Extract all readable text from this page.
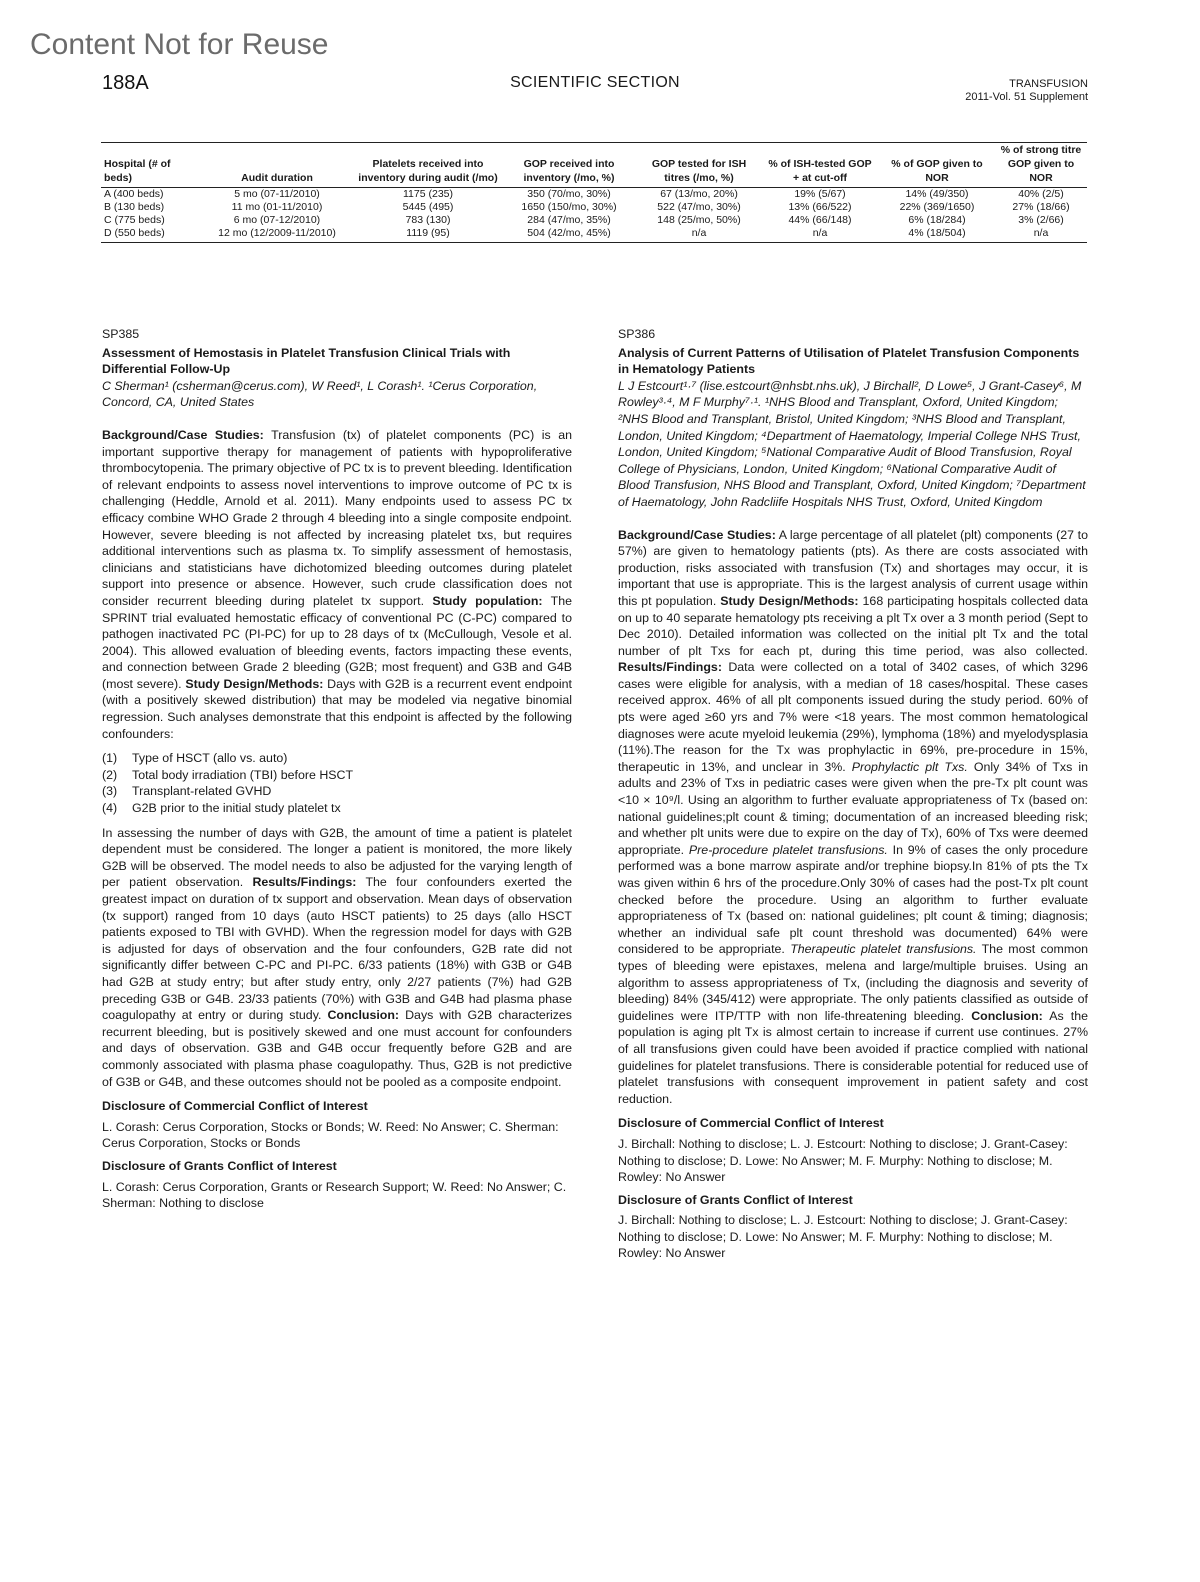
Content Not for Reuse
188A	SCIENTIFIC SECTION	TRANSFUSION
2011-Vol. 51 Supplement
Hospital (# of beds)	Audit duration	Platelets received into inventory during audit (/mo)	GOP received into inventory (/mo, %)	GOP tested for ISH titres (/mo, %)	% of ISH-tested GOP + at cut-off	% of GOP given to NOR	% of strong titre GOP given to NOR
A (400 beds)	5 mo (07-11/2010)	1175 (235)	350 (70/mo, 30%)	67 (13/mo, 20%)	19% (5/67)	14% (49/350)	40% (2/5)
B (130 beds)	11 mo (01-11/2010)	5445 (495)	1650 (150/mo, 30%)	522 (47/mo, 30%)	13% (66/522)	22% (369/1650)	27% (18/66)
C (775 beds)	6 mo (07-12/2010)	783 (130)	284 (47/mo, 35%)	148 (25/mo, 50%)	44% (66/148)	6% (18/284)	3% (2/66)
D (550 beds)	12 mo (12/2009-11/2010)	1119 (95)	504 (42/mo, 45%)	n/a	n/a	4% (18/504)	n/a

SP385

Assessment of Hemostasis in Platelet Transfusion Clinical Trials with Differential Follow-Up

C Sherman¹ (csherman@cerus.com), W Reed¹, L Corash¹. ¹Cerus Corporation, Concord, CA, United States

Background/Case Studies: Transfusion (tx) of platelet components (PC) is an important supportive therapy for management of patients with hypoproliferative thrombocytopenia. The primary objective of PC tx is to prevent bleeding. Identification of relevant endpoints to assess novel interventions to improve outcome of PC tx is challenging (Heddle, Arnold et al. 2011). Many endpoints used to assess PC tx efficacy combine WHO Grade 2 through 4 bleeding into a single composite endpoint. However, severe bleeding is not affected by increasing platelet txs, but requires additional interventions such as plasma tx. To simplify assessment of hemostasis, clinicians and statisticians have dichotomized bleeding outcomes during platelet support into presence or absence. However, such crude classification does not consider recurrent bleeding during platelet tx support. Study population: The SPRINT trial evaluated hemostatic efficacy of conventional PC (C-PC) compared to pathogen inactivated PC (PI-PC) for up to 28 days of tx (McCullough, Vesole et al. 2004). This allowed evaluation of bleeding events, factors impacting these events, and connection between Grade 2 bleeding (G2B; most frequent) and G3B and G4B (most severe). Study Design/Methods: Days with G2B is a recurrent event endpoint (with a positively skewed distribution) that may be modeled via negative binomial regression. Such analyses demonstrate that this endpoint is affected by the following confounders:

(1) Type of HSCT (allo vs. auto)
(2) Total body irradiation (TBI) before HSCT
(3) Transplant-related GVHD
(4) G2B prior to the initial study platelet tx

In assessing the number of days with G2B, the amount of time a patient is platelet dependent must be considered. The longer a patient is monitored, the more likely G2B will be observed. The model needs to also be adjusted for the varying length of per patient observation. Results/Findings: The four confounders exerted the greatest impact on duration of tx support and observation. Mean days of observation (tx support) ranged from 10 days (auto HSCT patients) to 25 days (allo HSCT patients exposed to TBI with GVHD). When the regression model for days with G2B is adjusted for days of observation and the four confounders, G2B rate did not significantly differ between C-PC and PI-PC. 6/33 patients (18%) with G3B or G4B had G2B at study entry; but after study entry, only 2/27 patients (7%) had G2B preceding G3B or G4B. 23/33 patients (70%) with G3B and G4B had plasma phase coagulopathy at entry or during study. Conclusion: Days with G2B characterizes recurrent bleeding, but is positively skewed and one must account for confounders and days of observation. G3B and G4B occur frequently before G2B and are commonly associated with plasma phase coagulopathy. Thus, G2B is not predictive of G3B or G4B, and these outcomes should not be pooled as a composite endpoint.

Disclosure of Commercial Conflict of Interest

L. Corash: Cerus Corporation, Stocks or Bonds; W. Reed: No Answer; C. Sherman: Cerus Corporation, Stocks or Bonds

Disclosure of Grants Conflict of Interest

L. Corash: Cerus Corporation, Grants or Research Support; W. Reed: No Answer; C. Sherman: Nothing to disclose

SP386

Analysis of Current Patterns of Utilisation of Platelet Transfusion Components in Hematology Patients

L J Estcourt¹·⁷ (lise.estcourt@nhsbt.nhs.uk), J Birchall², D Lowe⁵, J Grant-Casey⁶, M Rowley³·⁴, M F Murphy⁷·¹. ¹NHS Blood and Transplant, Oxford, United Kingdom; ²NHS Blood and Transplant, Bristol, United Kingdom; ³NHS Blood and Transplant, London, United Kingdom; ⁴Department of Haematology, Imperial College NHS Trust, London, United Kingdom; ⁵National Comparative Audit of Blood Transfusion, Royal College of Physicians, London, United Kingdom; ⁶National Comparative Audit of Blood Transfusion, NHS Blood and Transplant, Oxford, United Kingdom; ⁷Department of Haematology, John Radcliife Hospitals NHS Trust, Oxford, United Kingdom

Background/Case Studies: A large percentage of all platelet (plt) components (27 to 57%) are given to hematology patients (pts). As there are costs associated with production, risks associated with transfusion (Tx) and shortages may occur, it is important that use is appropriate. This is the largest analysis of current usage within this pt population. Study Design/Methods: 168 participating hospitals collected data on up to 40 separate hematology pts receiving a plt Tx over a 3 month period (Sept to Dec 2010). Detailed information was collected on the initial plt Tx and the total number of plt Txs for each pt, during this time period, was also collected. Results/Findings: Data were collected on a total of 3402 cases, of which 3296 cases were eligible for analysis, with a median of 18 cases/hospital. These cases received approx. 46% of all plt components issued during the study period. 60% of pts were aged ≥60 yrs and 7% were <18 years. The most common hematological diagnoses were acute myeloid leukemia (29%), lymphoma (18%) and myelodysplasia (11%).The reason for the Tx was prophylactic in 69%, pre-procedure in 15%, therapeutic in 13%, and unclear in 3%. Prophylactic plt Txs. Only 34% of Txs in adults and 23% of Txs in pediatric cases were given when the pre-Tx plt count was <10 × 10⁹/l. Using an algorithm to further evaluate appropriateness of Tx (based on: national guidelines;plt count & timing; documentation of an increased bleeding risk; and whether plt units were due to expire on the day of Tx), 60% of Txs were deemed appropriate. Pre-procedure platelet transfusions. In 9% of cases the only procedure performed was a bone marrow aspirate and/or trephine biopsy.In 81% of pts the Tx was given within 6 hrs of the procedure.Only 30% of cases had the post-Tx plt count checked before the procedure. Using an algorithm to further evaluate appropriateness of Tx (based on: national guidelines; plt count & timing; diagnosis; whether an individual safe plt count threshold was documented) 64% were considered to be appropriate. Therapeutic platelet transfusions. The most common types of bleeding were epistaxes, melena and large/multiple bruises. Using an algorithm to assess appropriateness of Tx, (including the diagnosis and severity of bleeding) 84% (345/412) were appropriate. The only patients classified as outside of guidelines were ITP/TTP with non life-threatening bleeding. Conclusion: As the population is aging plt Tx is almost certain to increase if current use continues. 27% of all transfusions given could have been avoided if practice complied with national guidelines for platelet transfusions. There is considerable potential for reduced use of platelet transfusions with consequent improvement in patient safety and cost reduction.

Disclosure of Commercial Conflict of Interest

J. Birchall: Nothing to disclose; L. J. Estcourt: Nothing to disclose; J. Grant-Casey: Nothing to disclose; D. Lowe: No Answer; M. F. Murphy: Nothing to disclose; M. Rowley: No Answer

Disclosure of Grants Conflict of Interest

J. Birchall: Nothing to disclose; L. J. Estcourt: Nothing to disclose; J. Grant-Casey: Nothing to disclose; D. Lowe: No Answer; M. F. Murphy: Nothing to disclose; M. Rowley: No Answer
